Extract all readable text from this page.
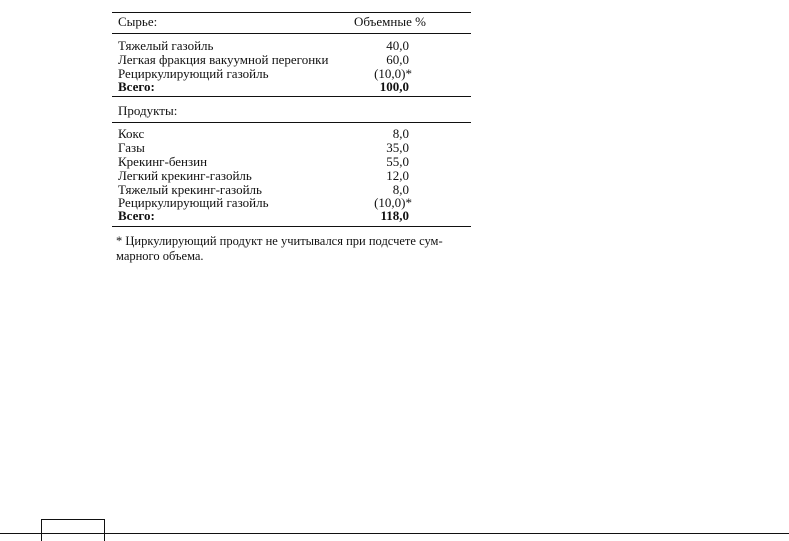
Сырье:	Объемные %
Тяжелый газойль	40,0
Легкая фракция вакуумной перегонки	60,0
Рециркулирующий газойль	(10,0)*
Всего:	100,0
Продукты:
Кокс	8,0
Газы	35,0
Крекинг-бензин	55,0
Легкий крекинг-газойль	12,0
Тяжелый крекинг-газойль	8,0
Рециркулирующий газойль	(10,0)*
Всего:	118,0
* Циркулирующий продукт не учитывался при подсчете сум-
марного объема.
